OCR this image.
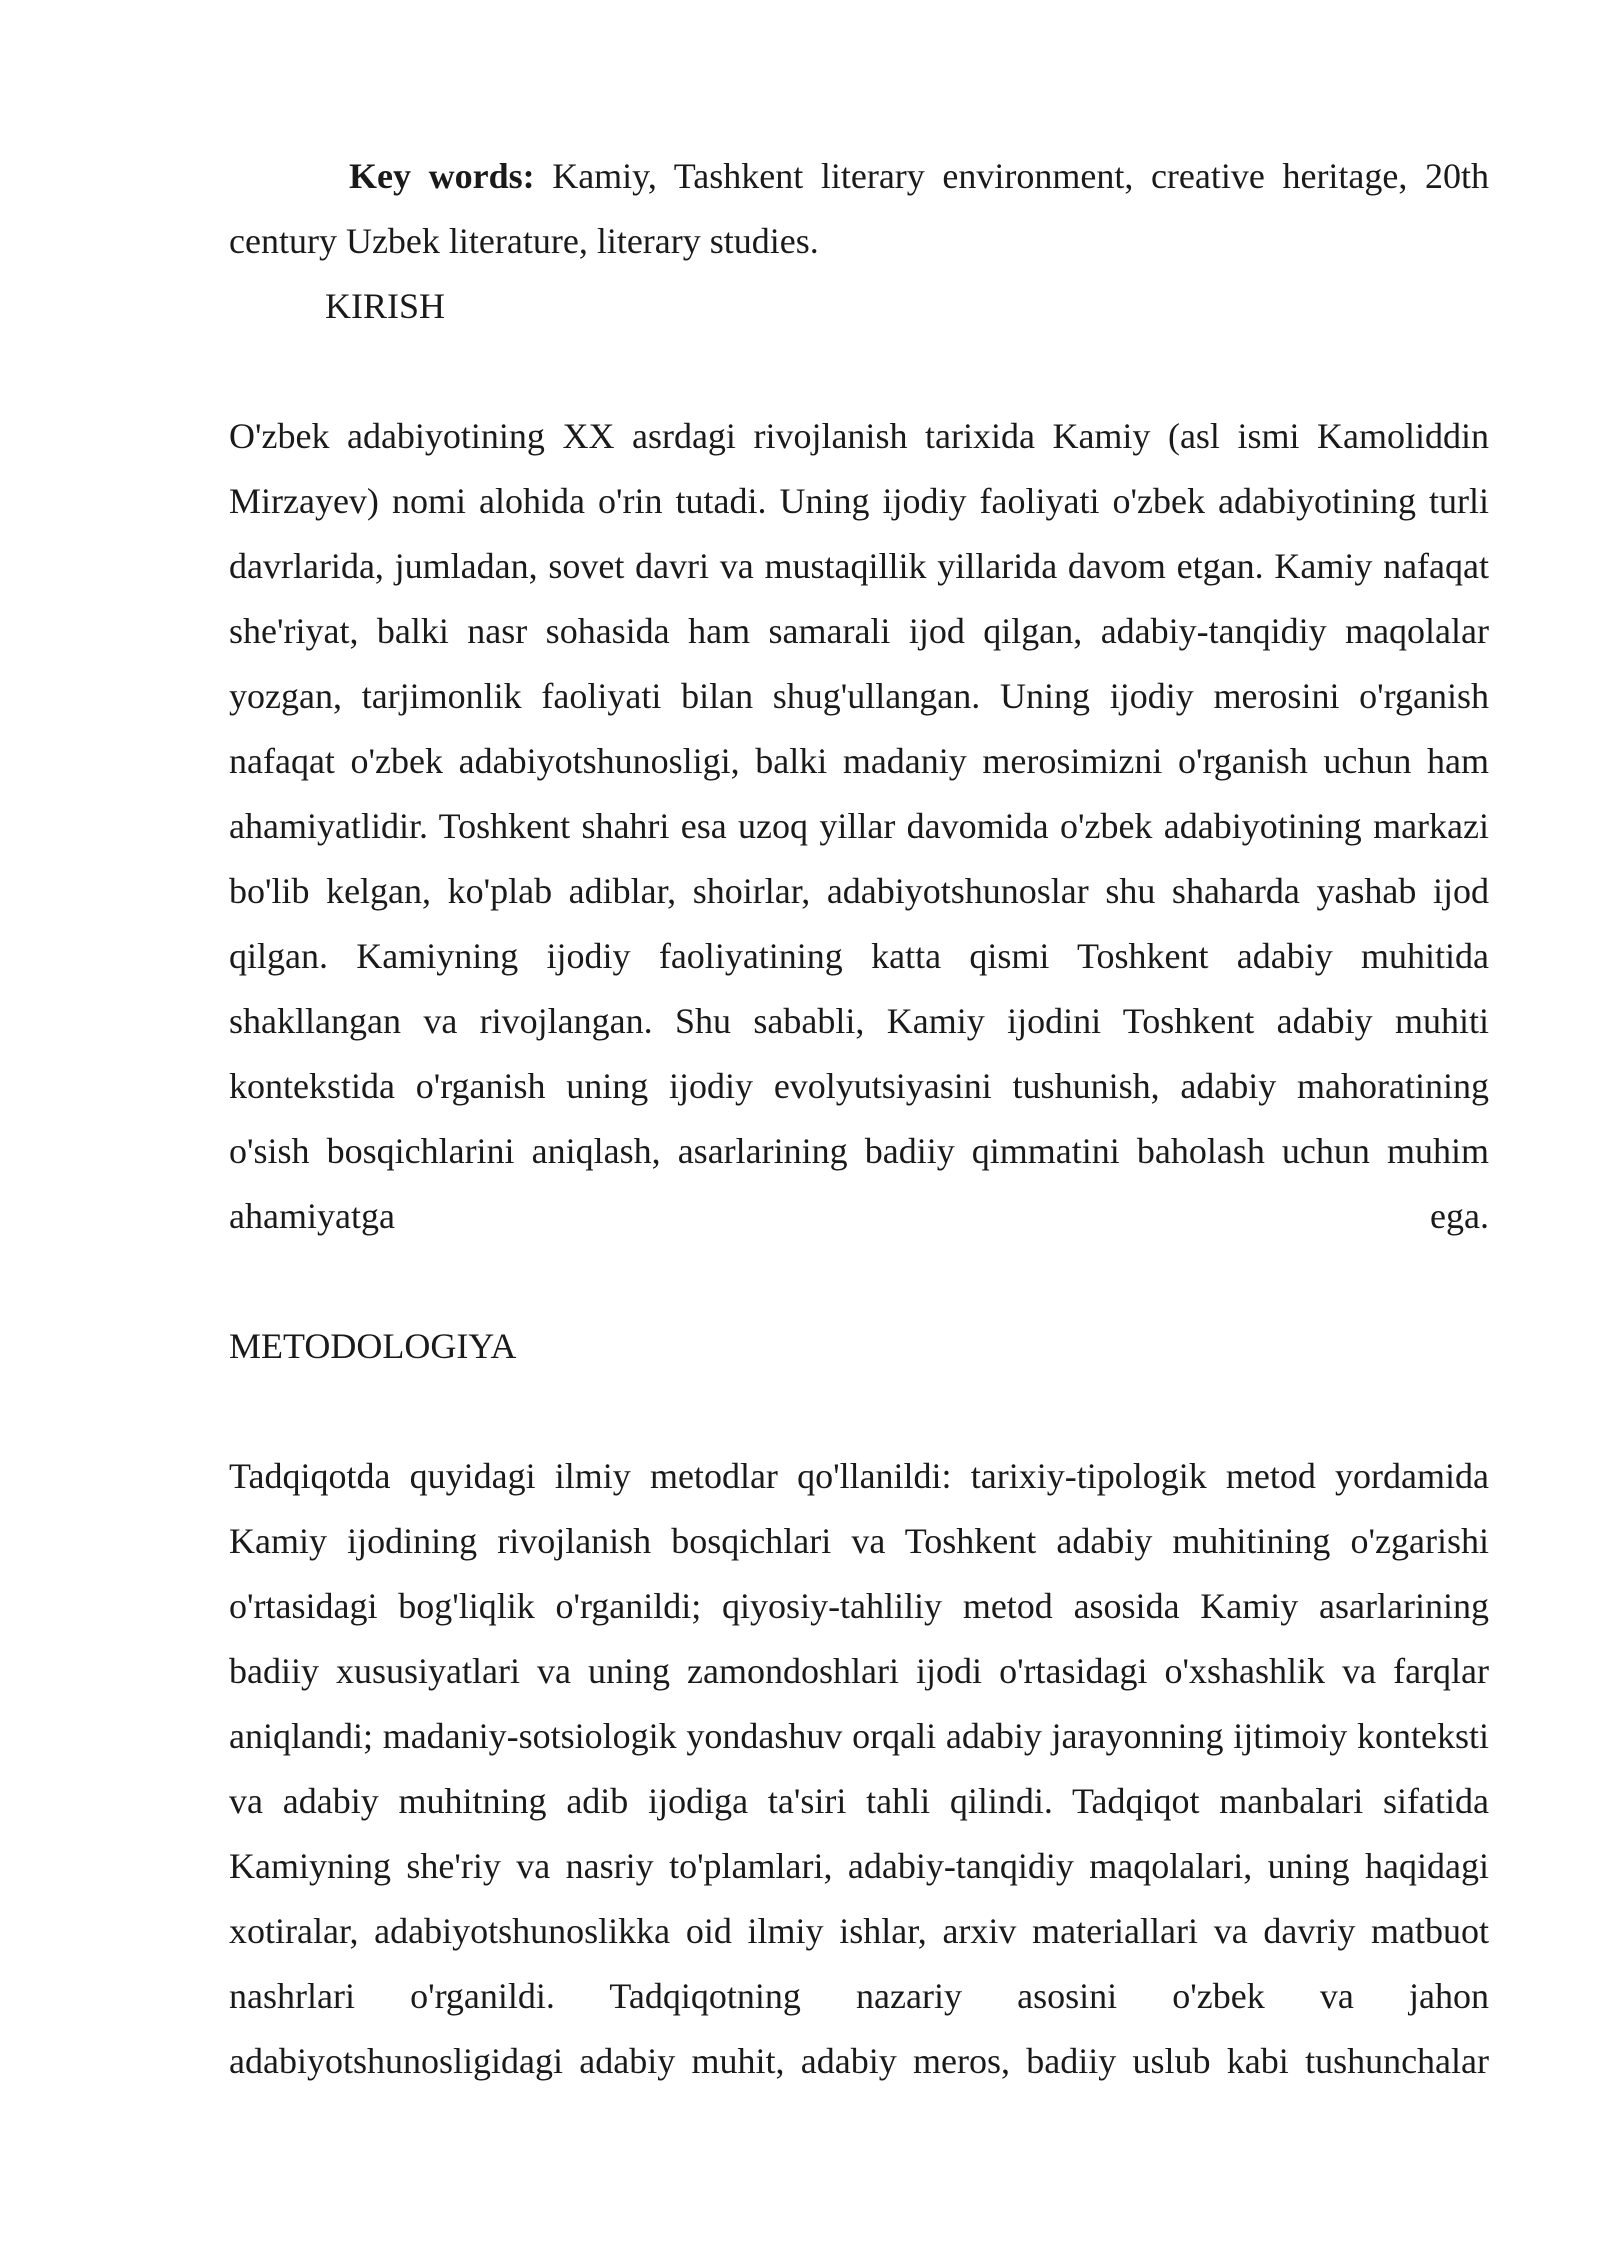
Key words: Kamiy, Tashkent literary environment, creative heritage, 20th century Uzbek literature, literary studies.

KIRISH

O'zbek adabiyotining XX asrdagi rivojlanish tarixida Kamiy (asl ismi Kamoliddin Mirzayev) nomi alohida o'rin tutadi. Uning ijodiy faoliyati o'zbek adabiyotining turli davrlarida, jumladan, sovet davri va mustaqillik yillarida davom etgan. Kamiy nafaqat she'riyat, balki nasr sohasida ham samarali ijod qilgan, adabiy-tanqidiy maqolalar yozgan, tarjimonlik faoliyati bilan shug'ullangan. Uning ijodiy merosini o'rganish nafaqat o'zbek adabiyotshunosligi, balki madaniy merosimizni o'rganish uchun ham ahamiyatlidir. Toshkent shahri esa uzoq yillar davomida o'zbek adabiyotining markazi bo'lib kelgan, ko'plab adiblar, shoirlar, adabiyotshunoslar shu shaharda yashab ijod qilgan. Kamiyning ijodiy faoliyatining katta qismi Toshkent adabiy muhitida shakllangan va rivojlangan. Shu sababli, Kamiy ijodini Toshkent adabiy muhiti kontekstida o'rganish uning ijodiy evolyutsiyasini tushunish, adabiy mahoratining o'sish bosqichlarini aniqlash, asarlarining badiiy qimmatini baholash uchun muhim ahamiyatga ega.

METODOLOGIYA

Tadqiqotda quyidagi ilmiy metodlar qo'llanildi: tarixiy-tipologik metod yordamida Kamiy ijodining rivojlanish bosqichlari va Toshkent adabiy muhitining o'zgarishi o'rtasidagi bog'liqlik o'rganildi; qiyosiy-tahliliy metod asosida Kamiy asarlarining badiiy xususiyatlari va uning zamondoshlari ijodi o'rtasidagi o'xshashlik va farqlar aniqlandi; madaniy-sotsiologik yondashuv orqali adabiy jarayonning ijtimoiy konteksti va adabiy muhitning adib ijodiga ta'siri tahli qilindi. Tadqiqot manbalari sifatida Kamiyning she'riy va nasriy to'plamlari, adabiy-tanqidiy maqolalari, uning haqidagi xotiralar, adabiyotshunoslikka oid ilmiy ishlar, arxiv materiallari va davriy matbuot nashrlari o'rganildi. Tadqiqotning nazariy asosini o'zbek va jahon adabiyotshunosligidagi adabiy muhit, adabiy meros, badiiy uslub kabi tushunchalar
